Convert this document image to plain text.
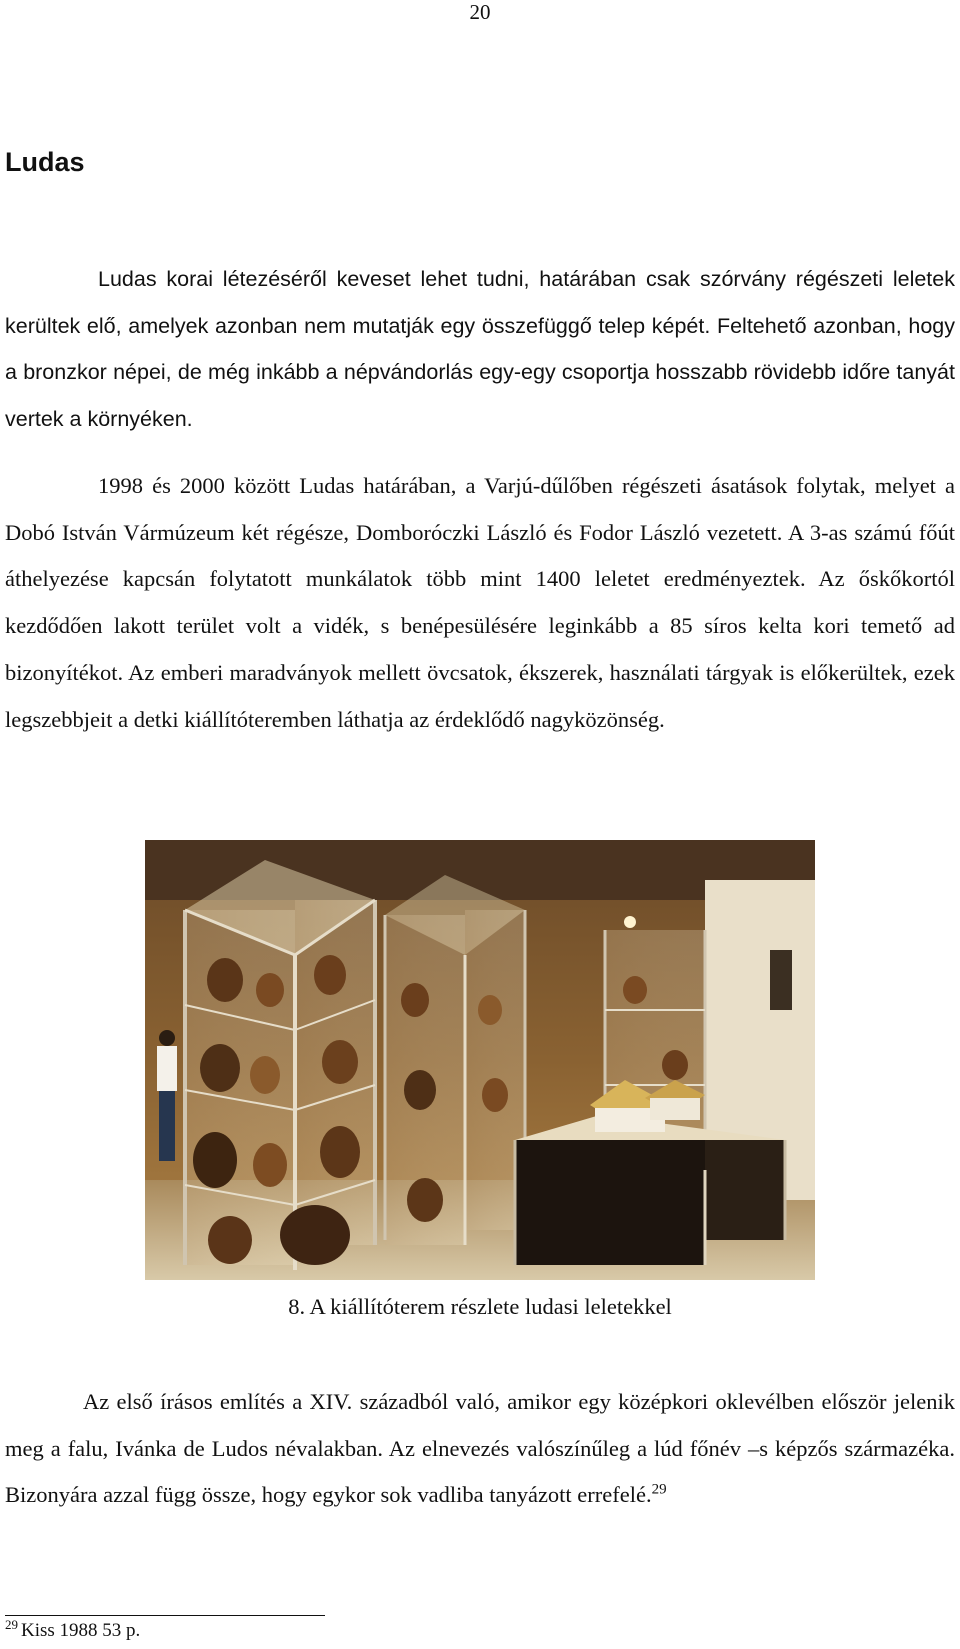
20
Ludas

Ludas korai létezéséről keveset lehet tudni, határában csak szórvány régészeti leletek kerültek elő, amelyek azonban nem mutatják egy összefüggő telep képét. Feltehető azonban, hogy a bronzkor népei, de még inkább a népvándorlás egy-egy csoportja hosszabb rövidebb időre tanyát vertek a környéken.

1998 és 2000 között Ludas határában, a Varjú-dűlőben régészeti ásatások folytak, melyet a Dobó István Vármúzeum két régésze, Domboróczki László és Fodor László vezetett. A 3-as számú főút áthelyezése kapcsán folytatott munkálatok több mint 1400 leletet eredményeztek. Az őskőkortól kezdődően lakott terület volt a vidék, s benépesülésére leginkább a 85 síros kelta kori temető ad bizonyítékot. Az emberi maradványok mellett övcsatok, ékszerek, használati tárgyak is előkerültek, ezek legszebbjeit a detki kiállítóteremben láthatja az érdeklődő nagyközönség.

8. A kiállítóterem részlete ludasi leletekkel

Az első írásos említés a XIV. századból való, amikor egy középkori oklevélben először jelenik meg a falu, Ivánka de Ludos névalakban. Az elnevezés valószínűleg a lúd főnév –s képzős származéka. Bizonyára azzal függ össze, hogy egykor sok vadliba tanyázott errefelé.$^{29}$

$^{29}$ Kiss 1988 53 p.
